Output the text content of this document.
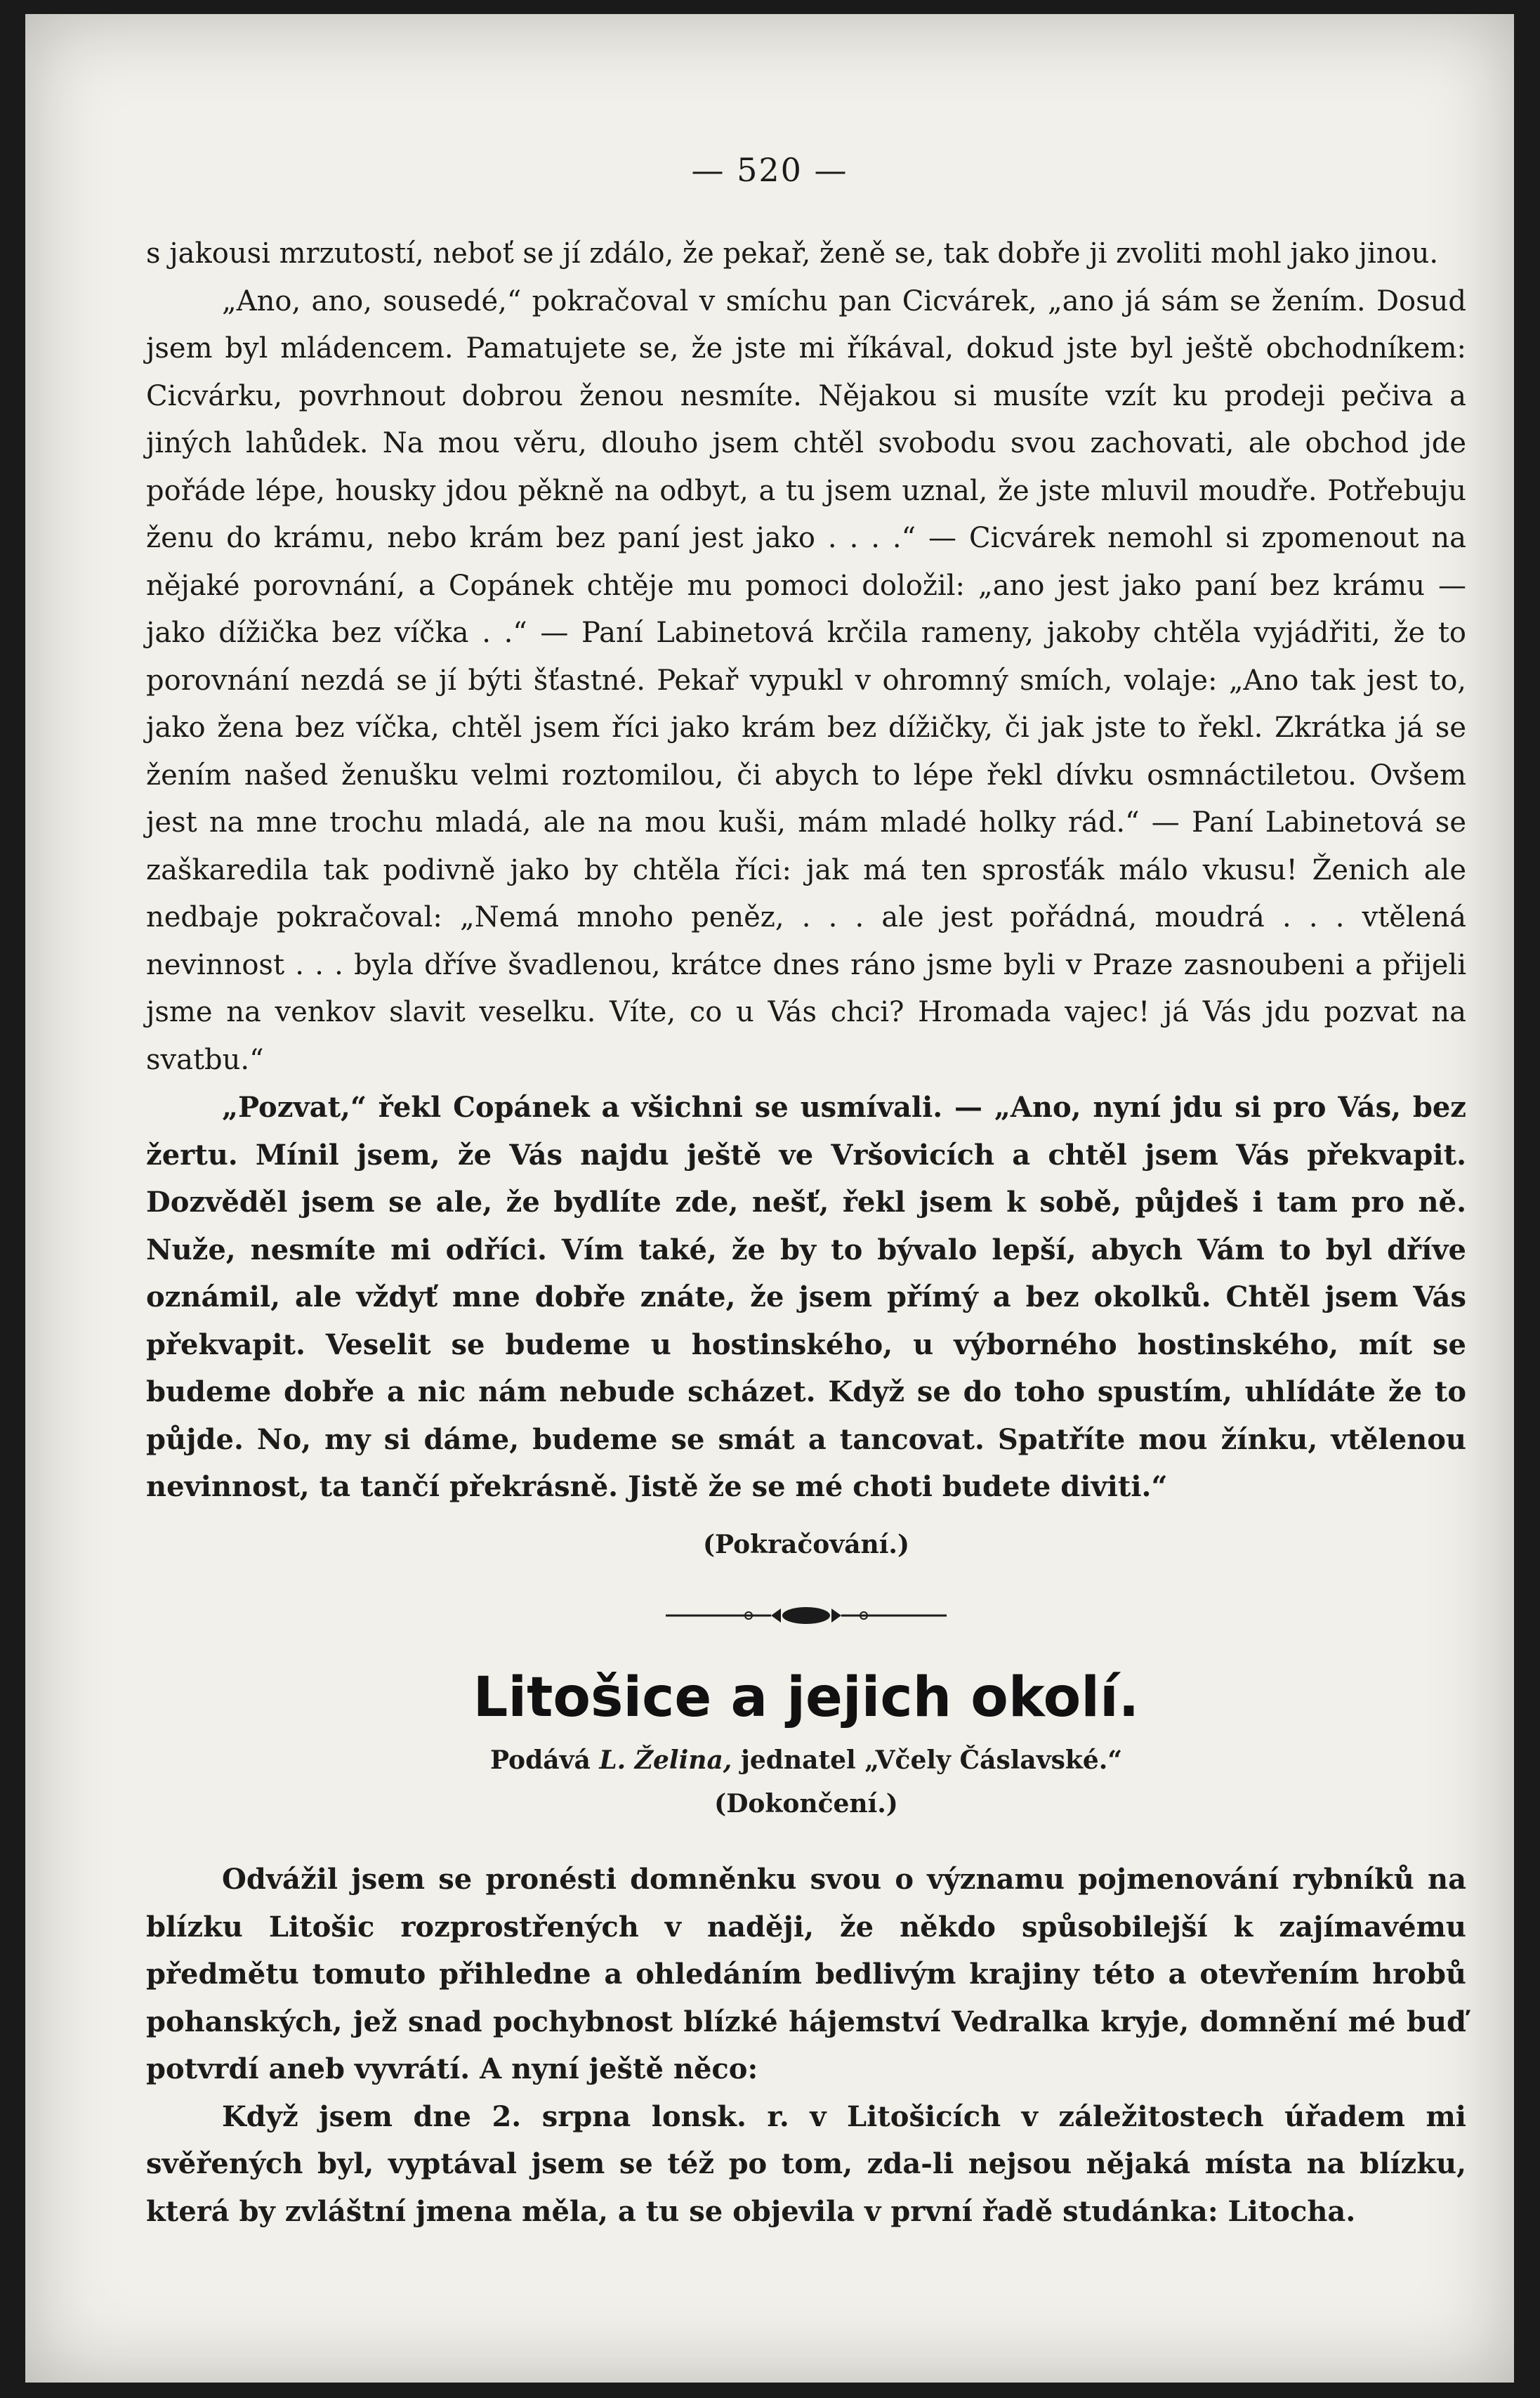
— 520 —

s jakousi mrzutostí, neboť se jí zdálo, že pekař, ženě se, tak dobře ji zvoliti mohl jako jinou.

„Ano, ano, sousedé,“ pokračoval v smíchu pan Cicvárek, „ano já sám se žením. Dosud jsem byl mládencem. Pamatujete se, že jste mi říkával, dokud jste byl ještě obchodníkem: Cicvárku, povrhnout dobrou ženou nesmíte. Nějakou si musíte vzít ku prodeji pečiva a jiných lahůdek. Na mou věru, dlouho jsem chtěl svobodu svou zachovati, ale obchod jde pořáde lépe, housky jdou pěkně na odbyt, a tu jsem uznal, že jste mluvil moudře. Potřebuju ženu do krámu, nebo krám bez paní jest jako . . . .“ — Cicvárek nemohl si zpomenout na nějaké porovnání, a Copánek chtěje mu pomoci doložil: „ano jest jako paní bez krámu — jako dížička bez víčka . .“ — Paní Labinetová krčila rameny, jakoby chtěla vyjádřiti, že to porovnání nezdá se jí býti šťastné. Pekař vypukl v ohromný smích, volaje: „Ano tak jest to, jako žena bez víčka, chtěl jsem říci jako krám bez dížičky, či jak jste to řekl. Zkrátka já se žením našed ženušku velmi roztomilou, či abych to lépe řekl dívku osmnáctiletou. Ovšem jest na mne trochu mladá, ale na mou kuši, mám mladé holky rád.“ — Paní Labinetová se zaškaredila tak podivně jako by chtěla říci: jak má ten sprosťák málo vkusu! Ženich ale nedbaje pokračoval: „Nemá mnoho peněz, . . . ale jest pořádná, moudrá . . . vtělená nevinnost . . . byla dříve švadlenou, krátce dnes ráno jsme byli v Praze zasnoubeni a přijeli jsme na venkov slavit veselku. Víte, co u Vás chci? Hromada vajec! já Vás jdu pozvat na svatbu.“

„Pozvat,“ řekl Copánek a všichni se usmívali. — „Ano, nyní jdu si pro Vás, bez žertu. Mínil jsem, že Vás najdu ještě ve Vršovicích a chtěl jsem Vás překvapit. Dozvěděl jsem se ale, že bydlíte zde, nešť, řekl jsem k sobě, půjdeš i tam pro ně. Nuže, nesmíte mi odříci. Vím také, že by to bývalo lepší, abych Vám to byl dříve oznámil, ale vždyť mne dobře znáte, že jsem přímý a bez okolků. Chtěl jsem Vás překvapit. Veselit se budeme u hostinského, u výborného hostinského, mít se budeme dobře a nic nám nebude scházet. Když se do toho spustím, uhlídáte že to půjde. No, my si dáme, budeme se smát a tancovat. Spatříte mou žínku, vtělenou nevinnost, ta tančí překrásně. Jistě že se mé choti budete diviti.“

(Pokračování.)
Litošice a jejich okolí.
Podává L. Želina, jednatel „Včely Čáslavské.“
(Dokončení.)

Odvážil jsem se pronésti domněnku svou o významu pojmenování rybníků na blízku Litošic rozprostřených v naději, že někdo spůsobilejší k zajímavému předmětu tomuto přihledne a ohledáním bedlivým krajiny této a otevřením hrobů pohanských, jež snad pochybnost blízké hájemství Vedralka kryje, domnění mé buď potvrdí aneb vyvrátí. A nyní ještě něco:

Když jsem dne 2. srpna lonsk. r. v Litošicích v záležitostech úřadem mi svěřených byl, vyptával jsem se též po tom, zda-li nejsou nějaká místa na blízku, která by zvláštní jmena měla, a tu se objevila v první řadě studánka: Litocha.
